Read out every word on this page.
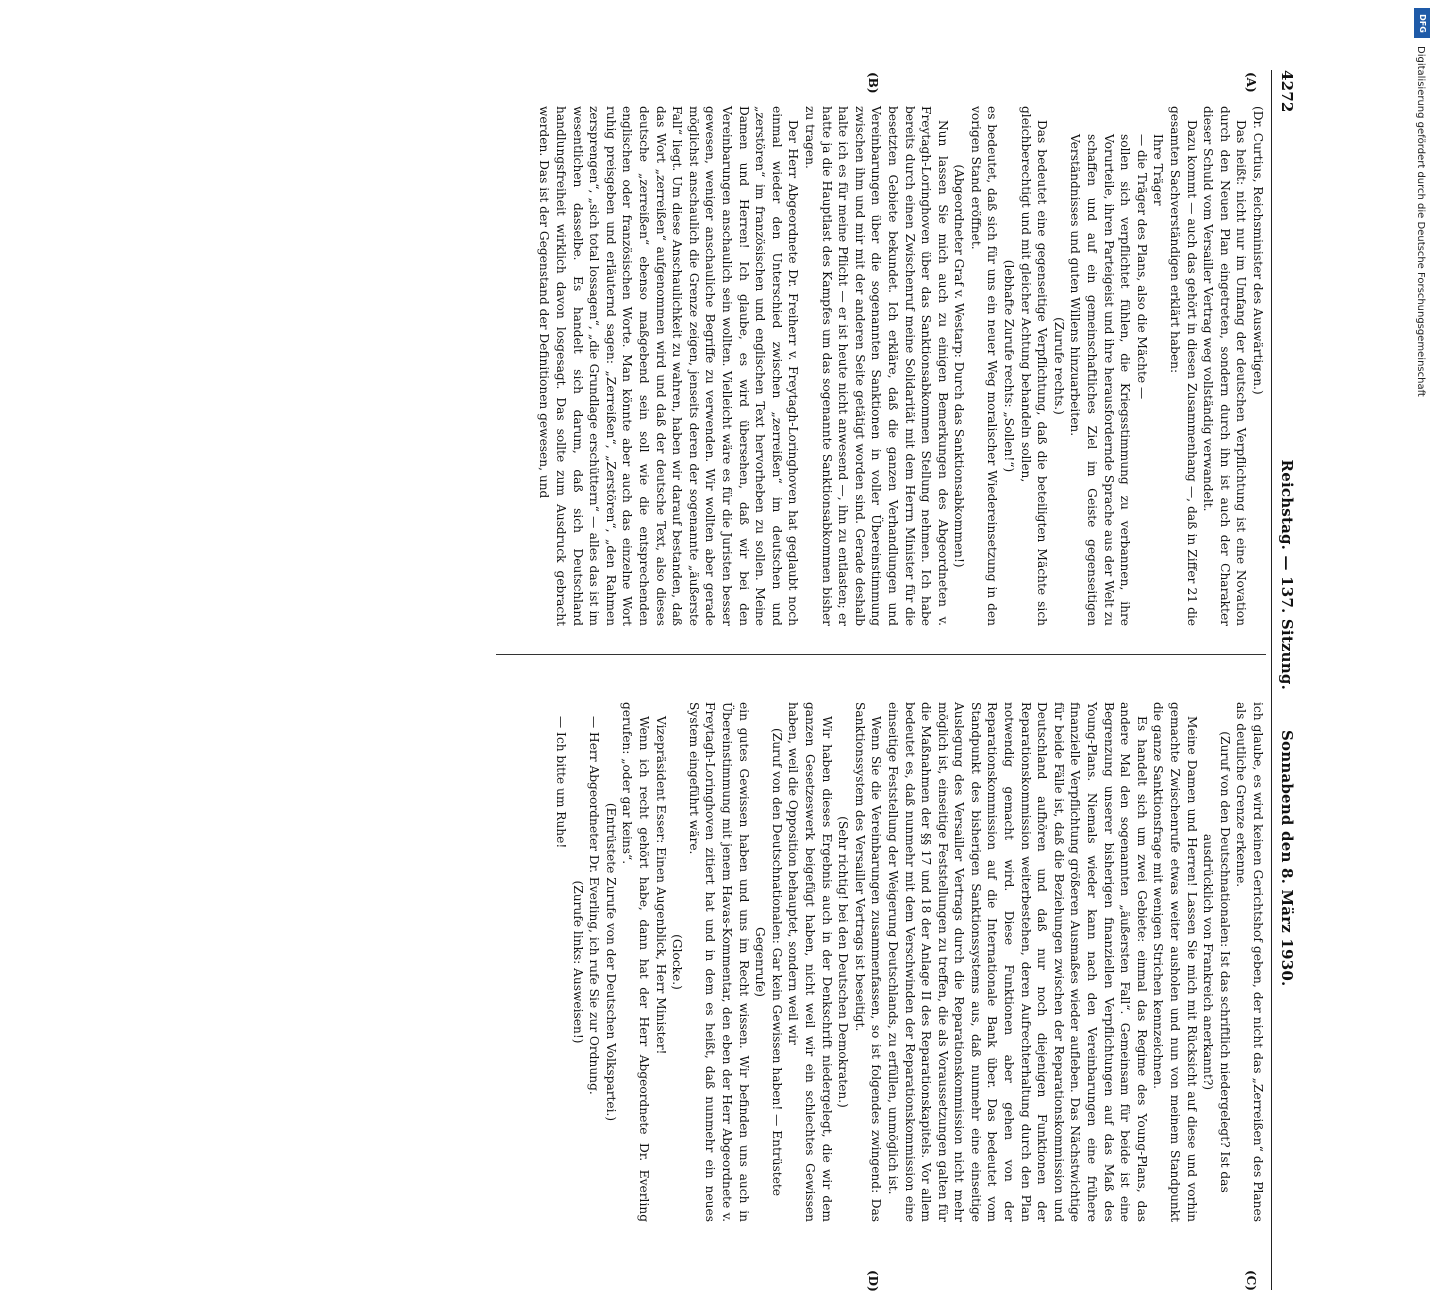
4272
Reichstag. — 137. Sitzung.
Sonnabend den 8. März 1930.
(A)
(B)
(C)
(D)

(Dr. Curtius, Reichsminister des Auswärtigen.)

Das heißt: nicht nur im Umfang der deutschen Verpflichtung ist eine Novation durch den Neuen Plan eingetreten, sondern durch ihn ist auch der Charakter dieser Schuld vom Versailler Vertrag weg vollständig verwandelt.

Dazu kommt — auch das gehört in diesen Zusammenhang —, daß in Ziffer 21 die gesamten Sachverständigen erklärt haben:

Ihre Träger

— die Träger des Plans, also die Mächte —

sollen sich verpflichtet fühlen, die Kriegsstimmung zu verbannen, ihre Vorurteile, ihren Parteigeist und ihre herausfordernde Sprache aus der Welt zu schaffen und auf ein gemeinschaftliches Ziel im Geiste gegenseitigen Verständnisses und guten Willens hinzuarbeiten.

(Zurufe rechts.)

Das bedeutet eine gegenseitige Verpflichtung, daß die beteiligten Mächte sich gleichberechtigt und mit gleicher Achtung behandeln sollen,

(lebhafte Zurufe rechts: „Sollen!“)

es bedeutet, daß sich für uns ein neuer Weg moralischer Wiedereinsetzung in den vorigen Stand eröffnet.

(Abgeordneter Graf v. Westarp: Durch das Sanktionsabkommen!)

Nun lassen Sie mich auch zu einigen Bemerkungen des Abgeordneten v. Freytagh-Loringhoven über das Sanktionsabkommen Stellung nehmen. Ich habe bereits durch einen Zwischenruf meine Solidarität mit dem Herrn Minister für die besetzten Gebiete bekundet. Ich erkläre, daß die ganzen Verhandlungen und Vereinbarungen über die sogenannten Sanktionen in voller Übereinstimmung zwischen ihm und mir mit der anderen Seite getätigt worden sind. Gerade deshalb halte ich es für meine Pflicht — er ist heute nicht anwesend —, ihn zu entlasten; er hatte ja die Hauptlast des Kampfes um das sogenannte Sanktionsabkommen bisher zu tragen.

Der Herr Abgeordnete Dr. Freiherr v. Freytagh-Loringhoven hat geglaubt noch einmal wieder den Unterschied zwischen „zerreißen“ im deutschen und „zerstören“ im französischen und englischen Text hervorheben zu sollen. Meine Damen und Herren! Ich glaube, es wird übersehen, daß wir bei den Vereinbarungen anschaulich sein wollten. Vielleicht wäre es für die Juristen besser gewesen, weniger anschauliche Begriffe zu verwenden. Wir wollten aber gerade möglichst anschaulich die Grenze zeigen, jenseits deren der sogenannte „äußerste Fall“ liegt. Um diese Anschaulichkeit zu wahren, haben wir darauf bestanden, daß das Wort „zerreißen“ aufgenommen wird und daß der deutsche Text, also dieses deutsche „zerreißen“ ebenso maßgebend sein soll wie die entsprechenden englischen oder französischen Worte. Man könnte aber auch das einzelne Wort ruhig preisgeben und erläuternd sagen: „Zerreißen“, „Zerstören“, „den Rahmen zersprengen“, „sich total lossagen“, „die Grundlage erschüttern“ — alles das ist im wesentlichen dasselbe. Es handelt sich darum, daß sich Deutschland handlungsfreiheit wirklich davon losgesagt. Das sollte zum Ausdruck gebracht werden. Das ist der Gegenstand der Definitionen gewesen, und

ich glaube, es wird keinen Gerichtshof geben, der nicht das „Zerreißen“ des Planes als deutliche Grenze erkenne.

(Zuruf von den Deutschnationalen: Ist das schriftlich niedergelegt? Ist das ausdrücklich von Frankreich anerkannt?)

Meine Damen und Herren! Lassen Sie mich mit Rücksicht auf diese und vorhin gemachte Zwischenrufe etwas weiter ausholen und nun von meinem Standpunkt die ganze Sanktionsfrage mit wenigen Strichen kennzeichnen.

Es handelt sich um zwei Gebiete: einmal das Regime des Young-Plans, das andere Mal den sogenannten „äußersten Fall“. Gemeinsam für beide ist eine Begrenzung unserer bisherigen finanziellen Verpflichtungen auf das Maß des Young-Plans. Niemals wieder kann nach den Vereinbarungen eine frühere finanzielle Verpflichtung größeren Ausmaßes wieder aufleben. Das Nächstwichtige für beide Fälle ist, daß die Beziehungen zwischen der Reparationskommission und Deutschland aufhören und daß nur noch diejenigen Funktionen der Reparationskommission weiterbestehen, deren Aufrechterhaltung durch den Plan notwendig gemacht wird. Diese Funktionen aber gehen von der Reparationskommission auf die Internationale Bank über. Das bedeutet vom Standpunkt des bisherigen Sanktionssystems aus, daß nunmehr eine einseitige Auslegung des Versailler Vertrags durch die Reparationskommission nicht mehr möglich ist, einseitige Feststellungen zu treffen, die als Voraussetzungen galten für die Maßnahmen der §§ 17 und 18 der Anlage II des Reparationskapitels. Vor allem bedeutet es, daß nunmehr mit dem Verschwinden der Reparationskommission eine einseitige Feststellung der Weigerung Deutschlands, zu erfüllen, unmöglich ist.

Wenn Sie die Vereinbarungen zusammenfassen, so ist folgendes zwingend: Das Sanktionssystem des Versailler Vertrags ist beseitigt.

(Sehr richtig! bei den Deutschen Demokraten.)

Wir haben dieses Ergebnis auch in der Denkschrift niedergelegt, die wir dem ganzen Gesetzeswerk beigefügt haben, nicht weil wir ein schlechtes Gewissen haben, weil die Opposition behauptet, sondern weil wir

(Zuruf von den Deutschnationalen: Gar kein Gewissen haben! — Entrüstete Gegenrufe)

ein gutes Gewissen haben und uns im Recht wissen. Wir befinden uns auch in Übereinstimmung mit jenem Havas-Kommentar, den eben der Herr Abgeordnete v. Freytagh-Loringhoven zitiert hat und in dem es heißt, daß nunmehr ein neues System eingeführt wäre.

(Glocke.)

Vizepräsident Esser: Einen Augenblick, Herr Minister!

Wenn ich recht gehört habe, dann hat der Herr Abgeordnete Dr. Everling gerufen: „oder gar keins“.

(Entrüstete Zurufe von der Deutschen Volkspartei.)

— Herr Abgeordneter Dr. Everling, ich rufe Sie zur Ordnung.

(Zurufe links: Ausweisen!)

— Ich bitte um Ruhe!

DFG
Digitalisierung gefördert durch die Deutsche Forschungsgemeinschaft
